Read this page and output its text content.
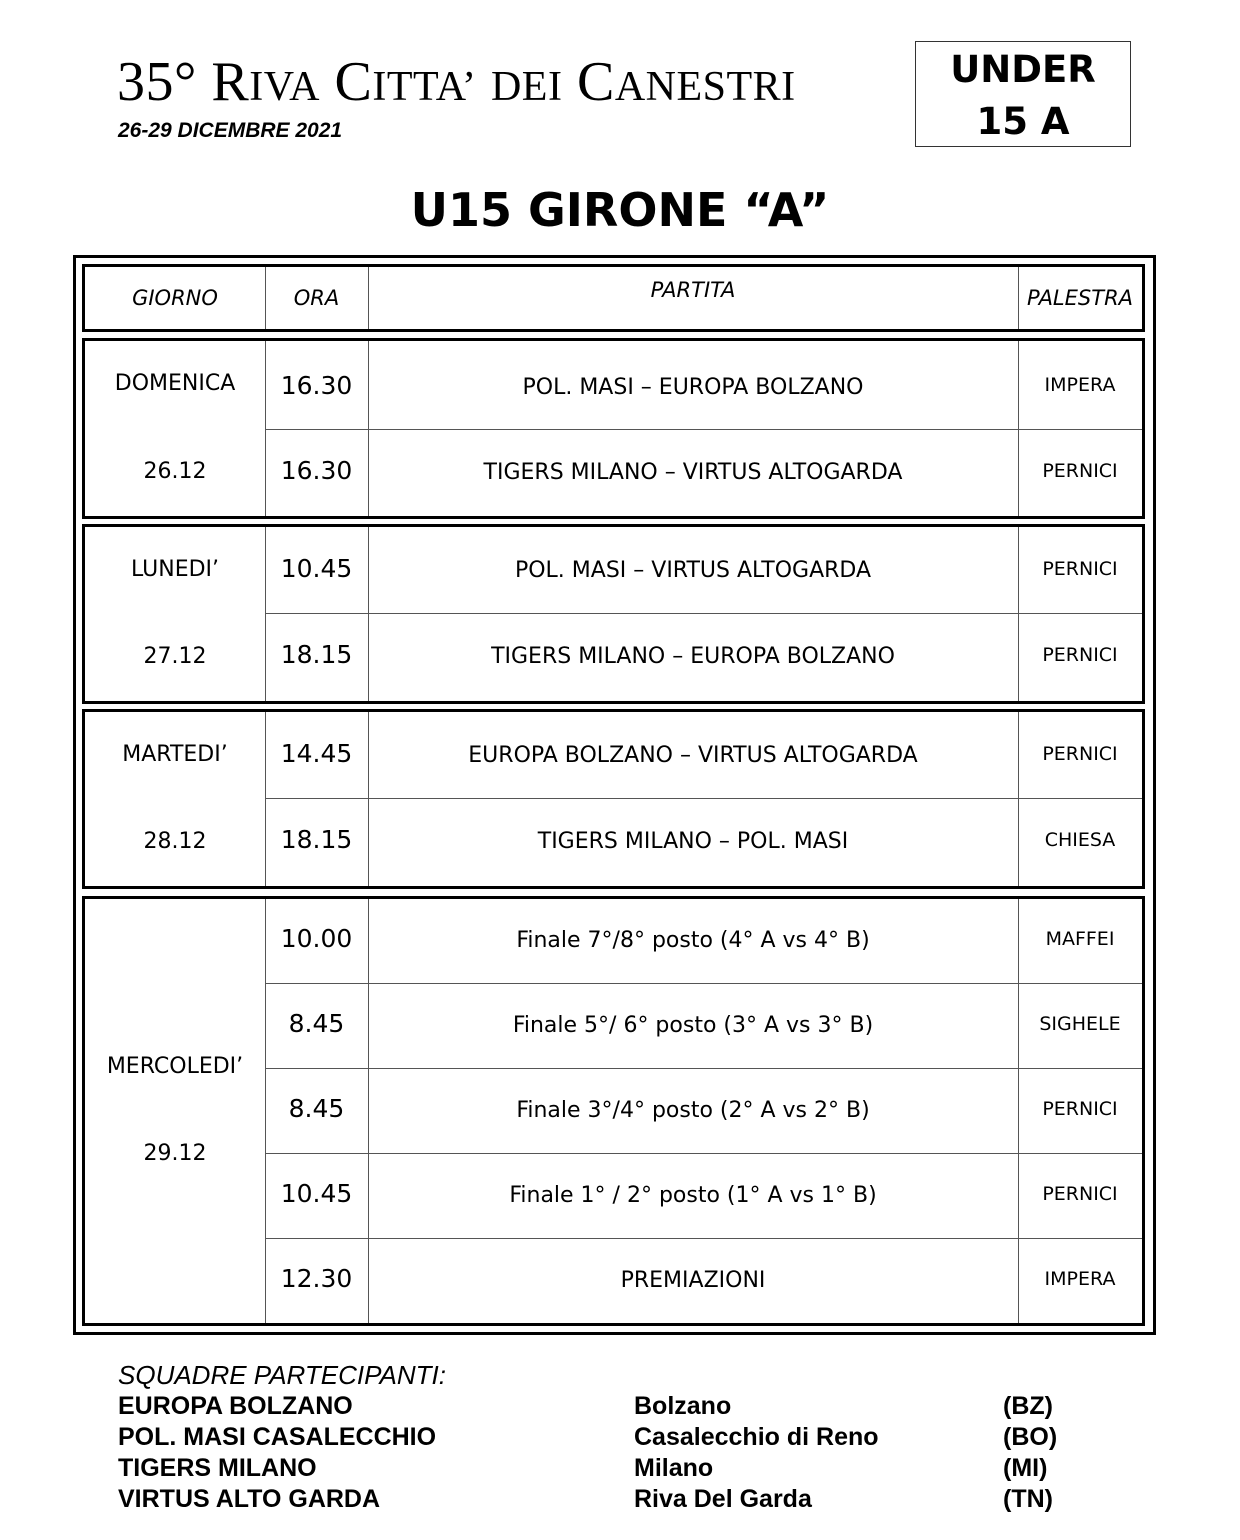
35° RIVA CITTA’ DEI CANESTRI
26-29 DICEMBRE 2021
UNDER
15 A
U15 GIRONE “A”
GIORNO	ORA	PARTITA	PALESTRA
DOMENICA
26.12
16.30	POL. MASI – EUROPA BOLZANO	IMPERA
16.30	TIGERS MILANO – VIRTUS ALTOGARDA	PERNICI
LUNEDI’
27.12
10.45	POL. MASI – VIRTUS ALTOGARDA	PERNICI
18.15	TIGERS MILANO – EUROPA BOLZANO	PERNICI
MARTEDI’
28.12
14.45	EUROPA BOLZANO – VIRTUS ALTOGARDA	PERNICI
18.15	TIGERS MILANO – POL. MASI	CHIESA
MERCOLEDI’
29.12
10.00	Finale 7°/8° posto (4° A vs 4° B)	MAFFEI
8.45	Finale 5°/ 6° posto (3° A vs 3° B)	SIGHELE
8.45	Finale 3°/4° posto (2° A vs 2° B)	PERNICI
10.45	Finale 1° / 2° posto (1° A vs 1° B)	PERNICI
12.30	PREMIAZIONI	IMPERA
SQUADRE PARTECIPANTI:
EUROPA BOLZANO	Bolzano	(BZ)
POL. MASI CASALECCHIO	Casalecchio di Reno	(BO)
TIGERS MILANO	Milano	(MI)
VIRTUS ALTO GARDA	Riva Del Garda	(TN)
